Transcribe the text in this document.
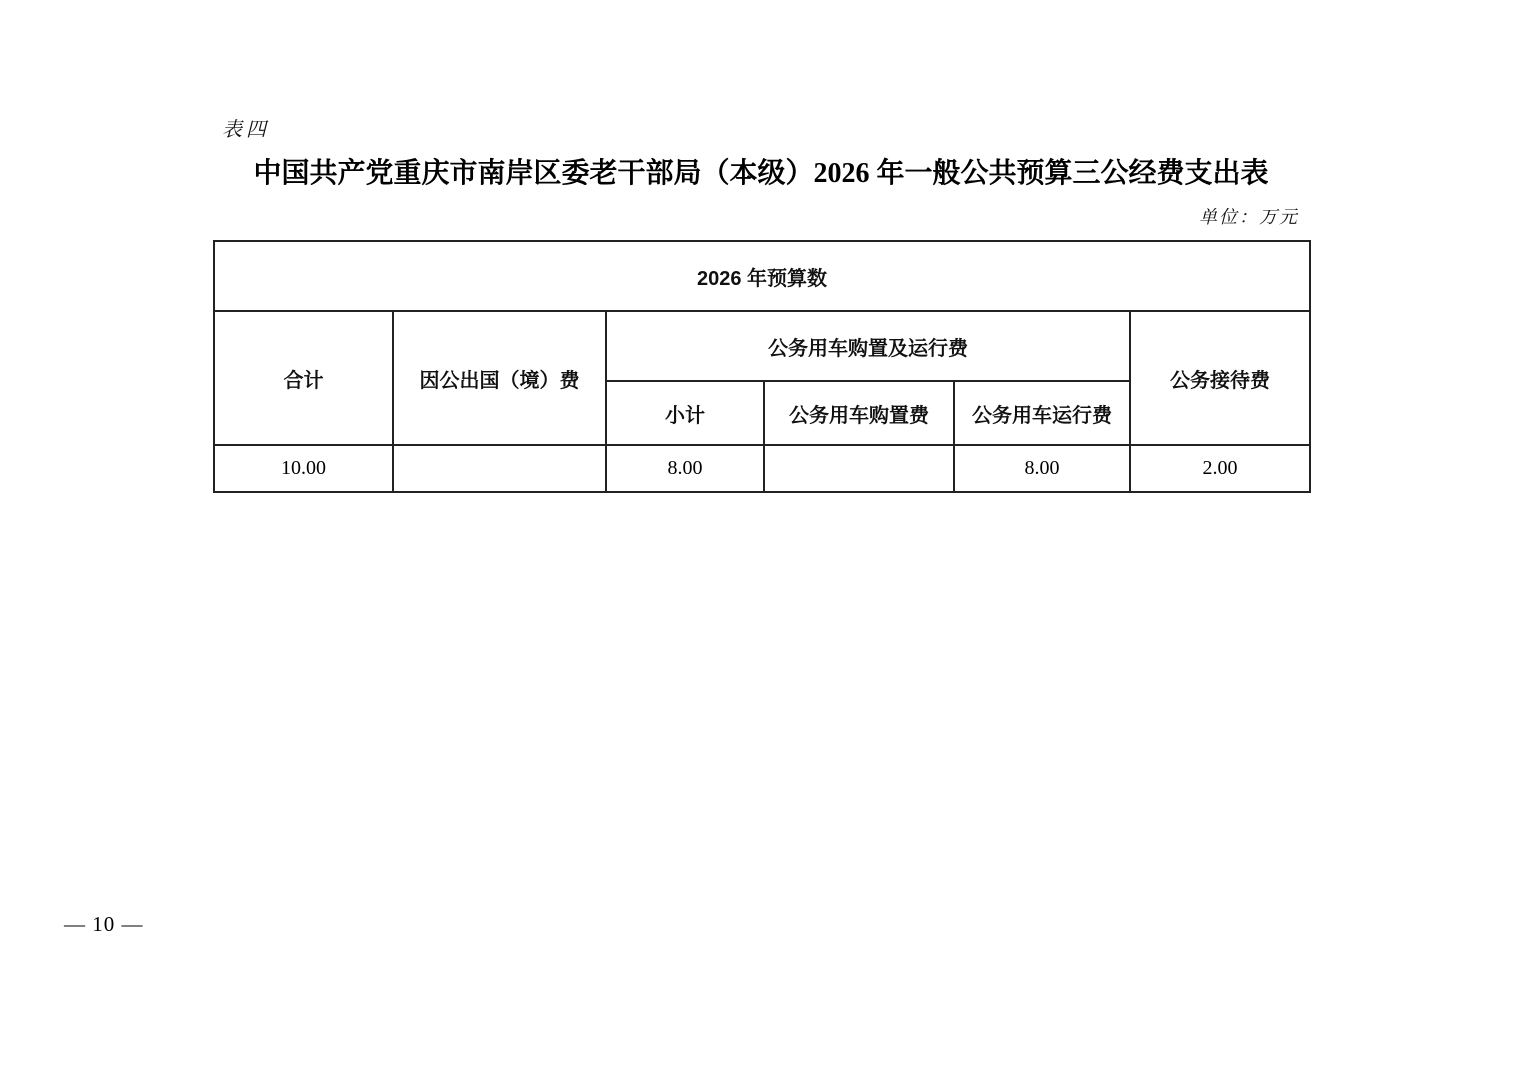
表四
中国共产党重庆市南岸区委老干部局（本级）2026 年一般公共预算三公经费支出表
单位：万元
2026 年预算数					
合计	因公出国（境）费	公务用车购置及运行费			公务接待费
		小计	公务用车购置费	公务用车运行费	
10.00		8.00		8.00	2.00
— 10 —
